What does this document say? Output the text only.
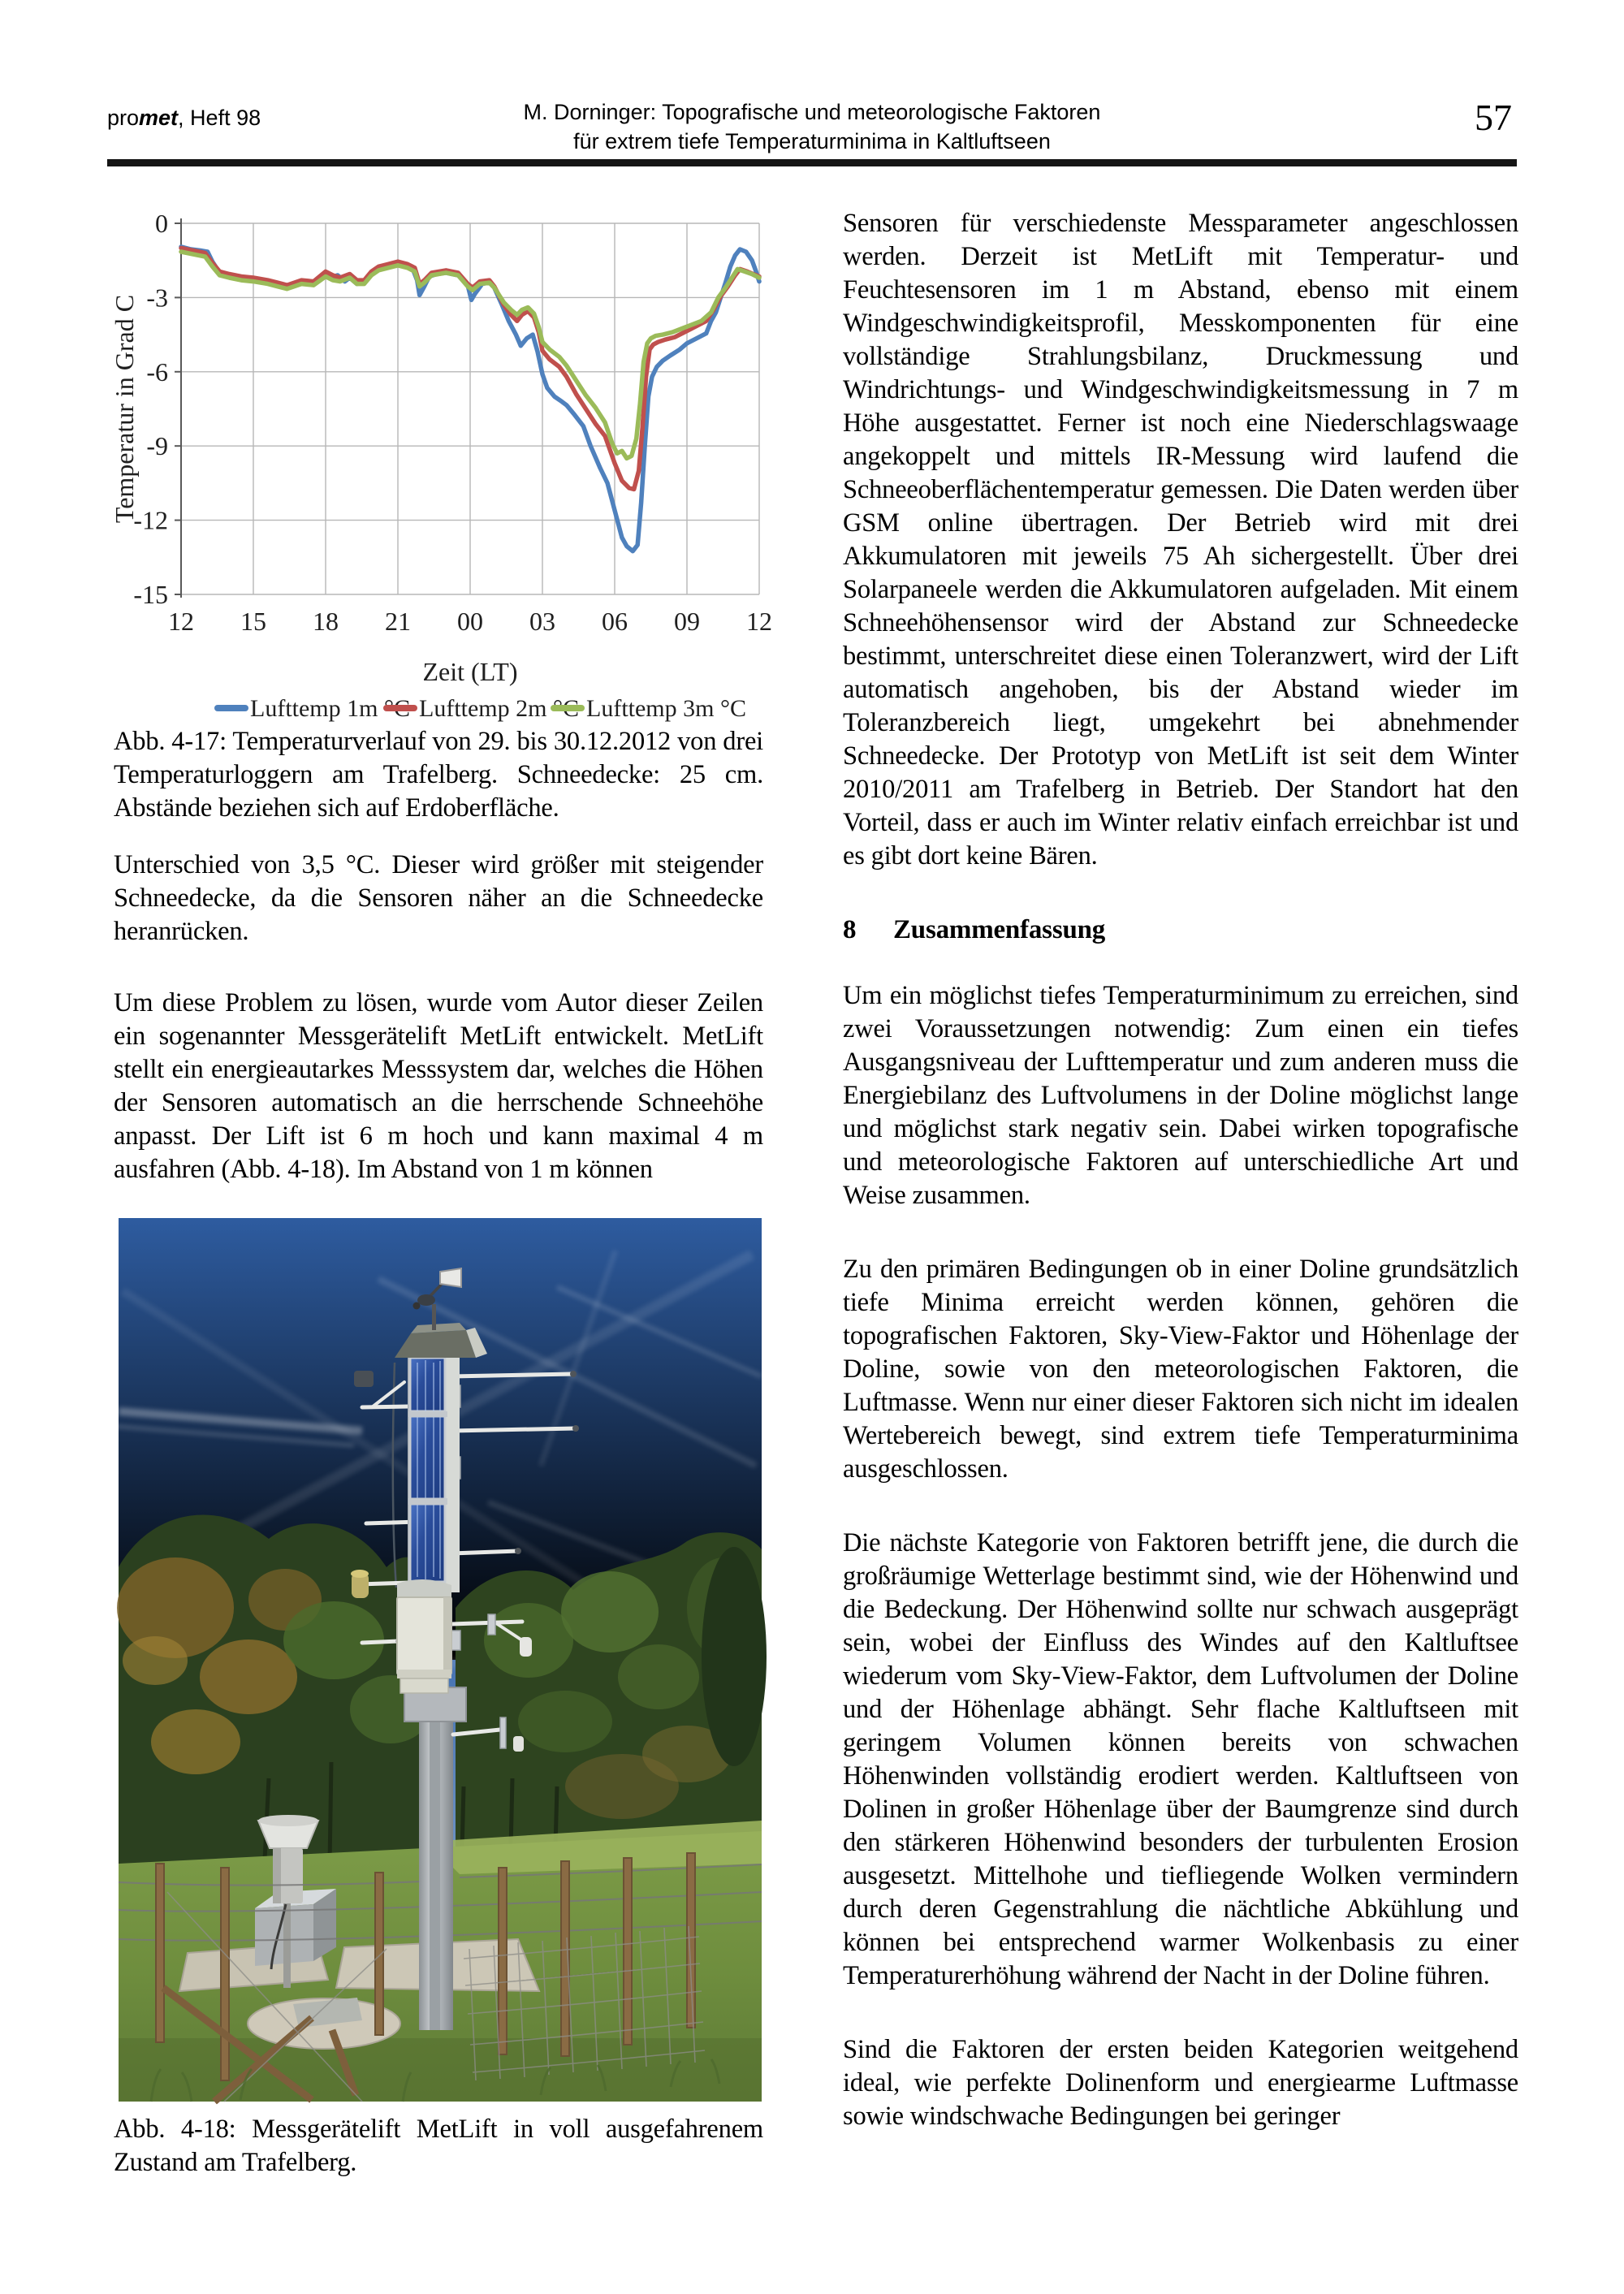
promet, Heft 98	M. Dorninger: Topografische und meteorologische Faktoren
für extrem tiefe Temperaturminima in Kaltluftseen
57
0
-3
-6
-9
-12
-15
12 15 18 21 00 03 06 09 12
Temperatur in Grad C
Zeit (LT)
Lufttemp 1m °C Lufttemp 2m °C Lufttemp 3m °C
Abb. 4-17: Temperaturverlauf von 29. bis 30.12.2012 von drei Temperaturloggern am Trafelberg. Schneedecke: 25 cm. Abstände beziehen sich auf Erdoberfläche.
Unterschied von 3,5 °C. Dieser wird größer mit steigender Schneedecke, da die Sensoren näher an die Schneedecke heranrücken.
Um diese Problem zu lösen, wurde vom Autor dieser Zeilen ein sogenannter Messgerätelift MetLift entwickelt. MetLift stellt ein energieautarkes Messsystem dar, welches die Höhen der Sensoren automatisch an die herrschende Schneehöhe anpasst. Der Lift ist 6 m hoch und kann maximal 4 m ausfahren (Abb. 4-18). Im Abstand von 1 m können
Abb. 4-18: Messgerätelift MetLift in voll ausgefahrenem Zustand am Trafelberg.

Sensoren für verschiedenste Messparameter angeschlossen werden. Derzeit ist MetLift mit Temperatur- und Feuchtesensoren im 1 m Abstand, ebenso mit einem Windgeschwindigkeitsprofil, Messkomponenten für eine vollständige Strahlungsbilanz, Druckmessung und Windrichtungs- und Windgeschwindigkeitsmessung in 7 m Höhe ausgestattet. Ferner ist noch eine Niederschlagswaage angekoppelt und mittels IR-Messung wird laufend die Schneeoberflächentemperatur gemessen. Die Daten werden über GSM online übertragen. Der Betrieb wird mit drei Akkumulatoren mit jeweils 75 Ah sichergestellt. Über drei Solarpaneele werden die Akkumulatoren aufgeladen. Mit einem Schneehöhensensor wird der Abstand zur Schneedecke bestimmt, unterschreitet diese einen Toleranzwert, wird der Lift automatisch angehoben, bis der Abstand wieder im Toleranzbereich liegt, umgekehrt bei abnehmender Schneedecke. Der Prototyp von MetLift ist seit dem Winter 2010/2011 am Trafelberg in Betrieb. Der Standort hat den Vorteil, dass er auch im Winter relativ einfach erreichbar ist und es gibt dort keine Bären.

8 Zusammenfassung

Um ein möglichst tiefes Temperaturminimum zu erreichen, sind zwei Voraussetzungen notwendig: Zum einen ein tiefes Ausgangsniveau der Lufttemperatur und zum anderen muss die Energiebilanz des Luftvolumens in der Doline möglichst lange und möglichst stark negativ sein. Dabei wirken topografische und meteorologische Faktoren auf unterschiedliche Art und Weise zusammen.

Zu den primären Bedingungen ob in einer Doline grundsätzlich tiefe Minima erreicht werden können, gehören die topografischen Faktoren, Sky-View-Faktor und Höhenlage der Doline, sowie von den meteorologischen Faktoren, die Luftmasse. Wenn nur einer dieser Faktoren sich nicht im idealen Wertebereich bewegt, sind extrem tiefe Temperaturminima ausgeschlossen.

Die nächste Kategorie von Faktoren betrifft jene, die durch die großräumige Wetterlage bestimmt sind, wie der Höhenwind und die Bedeckung. Der Höhenwind sollte nur schwach ausgeprägt sein, wobei der Einfluss des Windes auf den Kaltluftsee wiederum vom Sky-View-Faktor, dem Luftvolumen der Doline und der Höhenlage abhängt. Sehr flache Kaltluftseen mit geringem Volumen können bereits von schwachen Höhenwinden vollständig erodiert werden. Kaltluftseen von Dolinen in großer Höhenlage über der Baumgrenze sind durch den stärkeren Höhenwind besonders der turbulenten Erosion ausgesetzt. Mittelhohe und tiefliegende Wolken vermindern durch deren Gegenstrahlung die nächtliche Abkühlung und können bei entsprechend warmer Wolkenbasis zu einer Temperaturerhöhung während der Nacht in der Doline führen.

Sind die Faktoren der ersten beiden Kategorien weitgehend ideal, wie perfekte Dolinenform und energiearme Luftmasse sowie windschwache Bedingungen bei geringer
